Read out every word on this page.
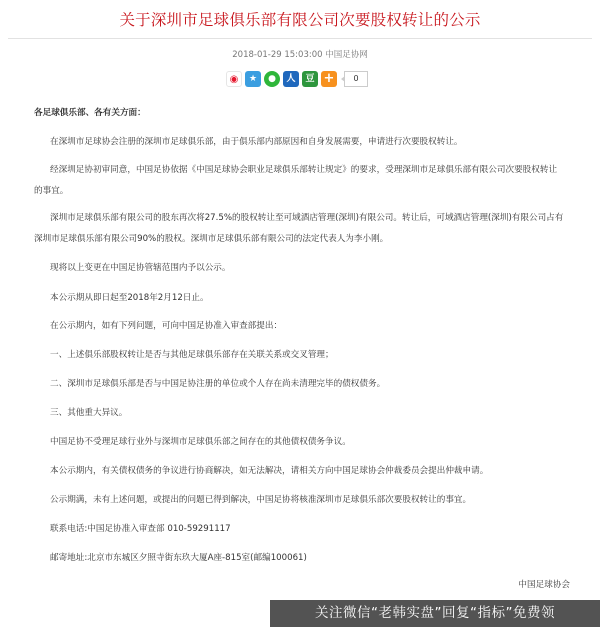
关于深圳市足球俱乐部有限公司次要股权转让的公示
2018-01-29 15:03:00 中国足协网
◉	★	●	人	豆 +	0

各足球俱乐部、各有关方面：

在深圳市足球协会注册的深圳市足球俱乐部，由于俱乐部内部原因和自身发展需要，申请进行次要股权转让。

经深圳足协初审同意，中国足协依据《中国足球协会职业足球俱乐部转让规定》的要求，受理深圳市足球俱乐部有限公司次要股权转让的事宜。

深圳市足球俱乐部有限公司的股东再次将27.5%的股权转让至可域酒店管理(深圳)有限公司。转让后，可域酒店管理(深圳)有限公司占有深圳市足球俱乐部有限公司90%的股权。深圳市足球俱乐部有限公司的法定代表人为李小刚。

现将以上变更在中国足协管辖范围内予以公示。

本公示期从即日起至2018年2月12日止。

在公示期内，如有下列问题，可向中国足协准入审查部提出：

一、上述俱乐部股权转让是否与其他足球俱乐部存在关联关系或交叉管理；

二、深圳市足球俱乐部是否与中国足协注册的单位或个人存在尚未清理完毕的债权债务。

三、其他重大异议。

中国足协不受理足球行业外与深圳市足球俱乐部之间存在的其他债权债务争议。

本公示期内，有关债权债务的争议进行协商解决，如无法解决，请相关方向中国足球协会仲裁委员会提出仲裁申请。

公示期满，未有上述问题，或提出的问题已得到解决，中国足协将核准深圳市足球俱乐部次要股权转让的事宜。

联系电话:中国足协准入审查部 010-59291117

邮寄地址:北京市东城区夕照寺街东玖大厦A座-815室(邮编100061)

中国足球协会
关注微信“老韩实盘”回复“指标”免费领
